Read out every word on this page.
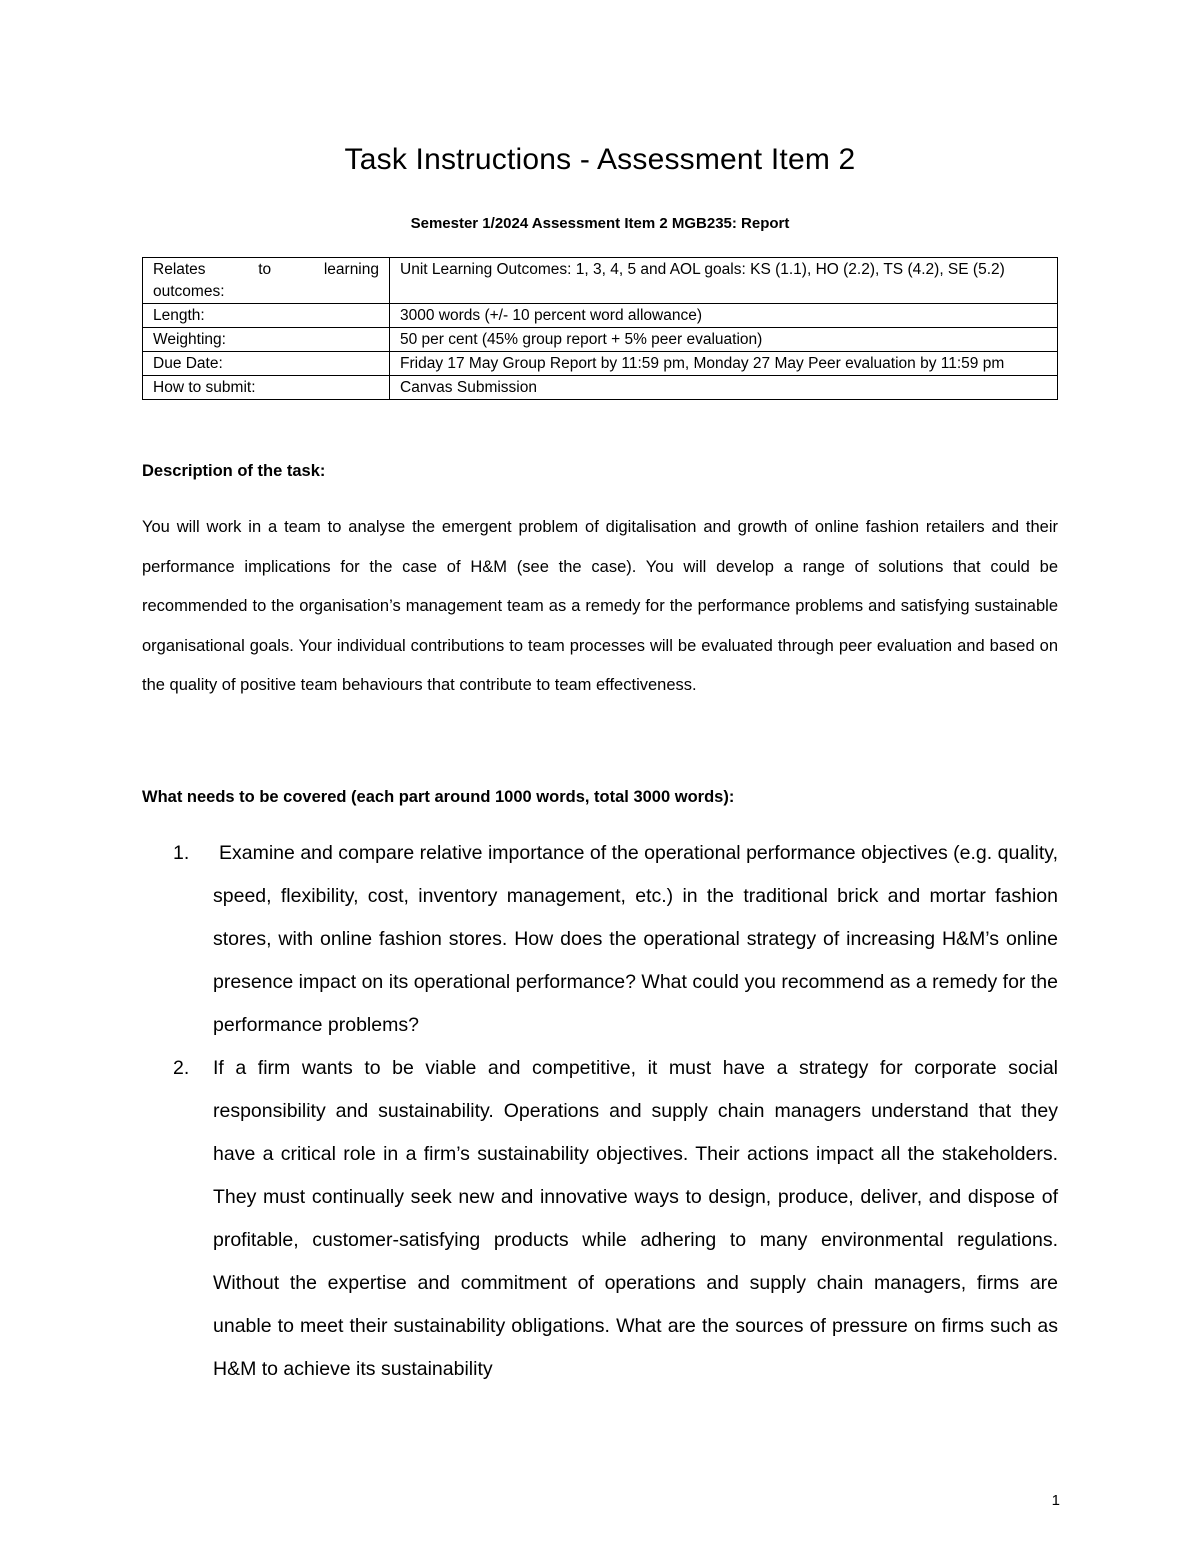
Task Instructions - Assessment Item 2
Semester 1/2024 Assessment Item 2 MGB235: Report
Relates to learning
outcomes:	Unit Learning Outcomes: 1, 3, 4, 5 and AOL goals: KS (1.1), HO (2.2), TS (4.2), SE (5.2)
Length:	3000 words (+/- 10 percent word allowance)
Weighting:	50 per cent (45% group report + 5% peer evaluation)
Due Date:	Friday 17 May Group Report by 11:59 pm, Monday 27 May Peer evaluation by 11:59 pm
How to submit:	Canvas Submission
Description of the task:
You will work in a team to analyse the emergent problem of digitalisation and growth of online fashion retailers and their performance implications for the case of H&M (see the case). You will develop a range of solutions that could be recommended to the organisation’s management team as a remedy for the performance problems and satisfying sustainable organisational goals. Your individual contributions to team processes will be evaluated through peer evaluation and based on the quality of positive team behaviours that contribute to team effectiveness.
What needs to be covered (each part around 1000 words, total 3000 words):
1. Examine and compare relative importance of the operational performance objectives (e.g. quality, speed, flexibility, cost, inventory management, etc.) in the traditional brick and mortar fashion stores, with online fashion stores. How does the operational strategy of increasing H&M’s online presence impact on its operational performance? What could you recommend as a remedy for the performance problems?
2. If a firm wants to be viable and competitive, it must have a strategy for corporate social responsibility and sustainability. Operations and supply chain managers understand that they have a critical role in a firm’s sustainability objectives. Their actions impact all the stakeholders. They must continually seek new and innovative ways to design, produce, deliver, and dispose of profitable, customer-satisfying products while adhering to many environmental regulations. Without the expertise and commitment of operations and supply chain managers, firms are unable to meet their sustainability obligations. What are the sources of pressure on firms such as H&M to achieve its sustainability
1
